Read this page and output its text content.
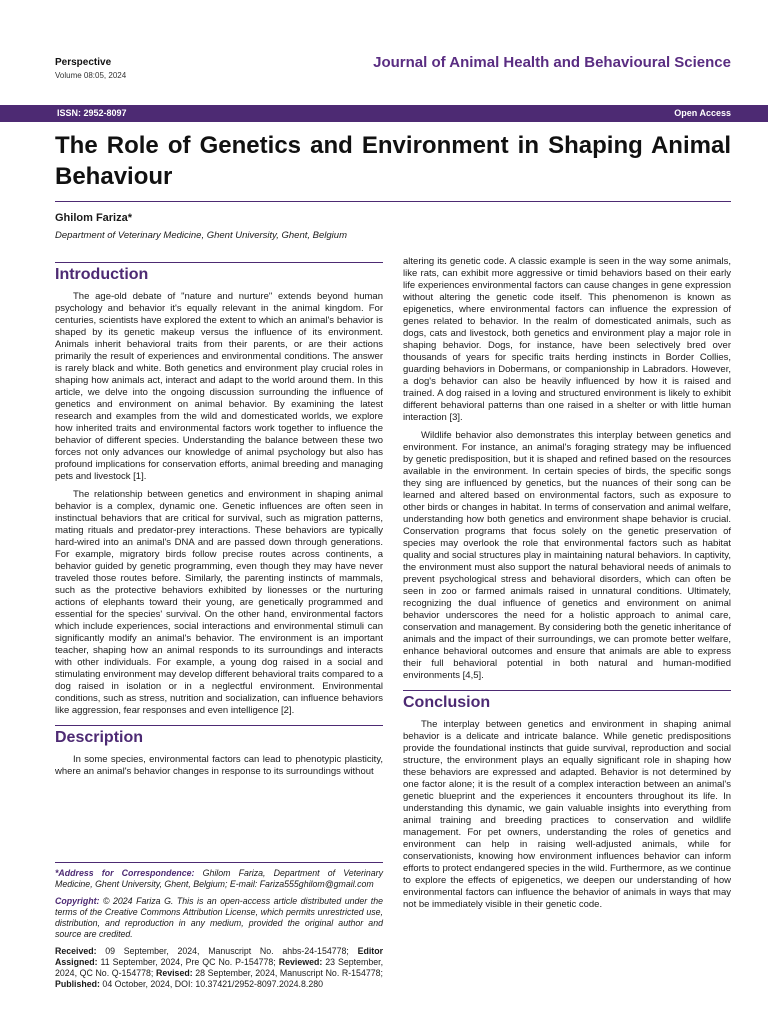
Perspective
Volume 08:05, 2024
Journal of Animal Health and Behavioural Science
ISSN: 2952-8097	Open Access
The Role of Genetics and Environment in Shaping Animal Behaviour
Ghilom Fariza*
Department of Veterinary Medicine, Ghent University, Ghent, Belgium
Introduction

The age-old debate of "nature and nurture" extends beyond human psychology and behavior it's equally relevant in the animal kingdom. For centuries, scientists have explored the extent to which an animal's behavior is shaped by its genetic makeup versus the influence of its environment. Animals inherit behavioral traits from their parents, or are their actions primarily the result of experiences and environmental conditions. The answer is rarely black and white. Both genetics and environment play crucial roles in shaping how animals act, interact and adapt to the world around them. In this article, we delve into the ongoing discussion surrounding the influence of genetics and environment on animal behavior. By examining the latest research and examples from the wild and domesticated worlds, we explore how inherited traits and environmental factors work together to influence the behavior of different species. Understanding the balance between these two forces not only advances our knowledge of animal psychology but also has profound implications for conservation efforts, animal breeding and managing pets and livestock [1].

The relationship between genetics and environment in shaping animal behavior is a complex, dynamic one. Genetic influences are often seen in instinctual behaviors that are critical for survival, such as migration patterns, mating rituals and predator-prey interactions. These behaviors are typically hard-wired into an animal's DNA and are passed down through generations. For example, migratory birds follow precise routes across continents, a behavior guided by genetic programming, even though they may have never traveled those routes before. Similarly, the parenting instincts of mammals, such as the protective behaviors exhibited by lionesses or the nurturing actions of elephants toward their young, are genetically programmed and essential for the species' survival. On the other hand, environmental factors which include experiences, social interactions and environmental stimuli can significantly modify an animal's behavior. The environment is an important teacher, shaping how an animal responds to its surroundings and interacts with other individuals. For example, a young dog raised in a social and stimulating environment may develop different behavioral traits compared to a dog raised in isolation or in a neglectful environment. Environmental conditions, such as stress, nutrition and socialization, can influence behaviors like aggression, fear responses and even intelligence [2].

Description

In some species, environmental factors can lead to phenotypic plasticity, where an animal's behavior changes in response to its surroundings without

*Address for Correspondence: Ghilom Fariza, Department of Veterinary Medicine, Ghent University, Ghent, Belgium; E-mail: Fariza555ghilom@gmail.com

Copyright: © 2024 Fariza G. This is an open-access article distributed under the terms of the Creative Commons Attribution License, which permits unrestricted use, distribution, and reproduction in any medium, provided the original author and source are credited.

Received: 09 September, 2024, Manuscript No. ahbs-24-154778; Editor Assigned: 11 September, 2024, Pre QC No. P-154778; Reviewed: 23 September, 2024, QC No. Q-154778; Revised: 28 September, 2024, Manuscript No. R-154778; Published: 04 October, 2024, DOI: 10.37421/2952-8097.2024.8.280

altering its genetic code. A classic example is seen in the way some animals, like rats, can exhibit more aggressive or timid behaviors based on their early life experiences environmental factors can cause changes in gene expression without altering the genetic code itself. This phenomenon is known as epigenetics, where environmental factors can influence the expression of genes related to behavior. In the realm of domesticated animals, such as dogs, cats and livestock, both genetics and environment play a major role in shaping behavior. Dogs, for instance, have been selectively bred over thousands of years for specific traits herding instincts in Border Collies, guarding behaviors in Dobermans, or companionship in Labradors. However, a dog's behavior can also be heavily influenced by how it is raised and trained. A dog raised in a loving and structured environment is likely to exhibit different behavioral patterns than one raised in a shelter or with little human interaction [3].

Wildlife behavior also demonstrates this interplay between genetics and environment. For instance, an animal's foraging strategy may be influenced by genetic predisposition, but it is shaped and refined based on the resources available in the environment. In certain species of birds, the specific songs they sing are influenced by genetics, but the nuances of their song can be learned and altered based on environmental factors, such as exposure to other birds or changes in habitat. In terms of conservation and animal welfare, understanding how both genetics and environment shape behavior is crucial. Conservation programs that focus solely on the genetic preservation of species may overlook the role that environmental factors such as habitat quality and social structures play in maintaining natural behaviors. In captivity, the environment must also support the natural behavioral needs of animals to prevent psychological stress and behavioral disorders, which can often be seen in zoo or farmed animals raised in unnatural conditions. Ultimately, recognizing the dual influence of genetics and environment on animal behavior underscores the need for a holistic approach to animal care, conservation and management. By considering both the genetic inheritance of animals and the impact of their surroundings, we can promote better welfare, enhance behavioral outcomes and ensure that animals are able to express their full behavioral potential in both natural and human-modified environments [4,5].

Conclusion

The interplay between genetics and environment in shaping animal behavior is a delicate and intricate balance. While genetic predispositions provide the foundational instincts that guide survival, reproduction and social structure, the environment plays an equally significant role in shaping how these behaviors are expressed and adapted. Behavior is not determined by one factor alone; it is the result of a complex interaction between an animal's genetic blueprint and the experiences it encounters throughout its life. In understanding this dynamic, we gain valuable insights into everything from animal training and breeding practices to conservation and wildlife management. For pet owners, understanding the roles of genetics and environment can help in raising well-adjusted animals, while for conservationists, knowing how environment influences behavior can inform efforts to protect endangered species in the wild. Furthermore, as we continue to explore the effects of epigenetics, we deepen our understanding of how environmental factors can influence the behavior of animals in ways that may not be immediately visible in their genetic code.
